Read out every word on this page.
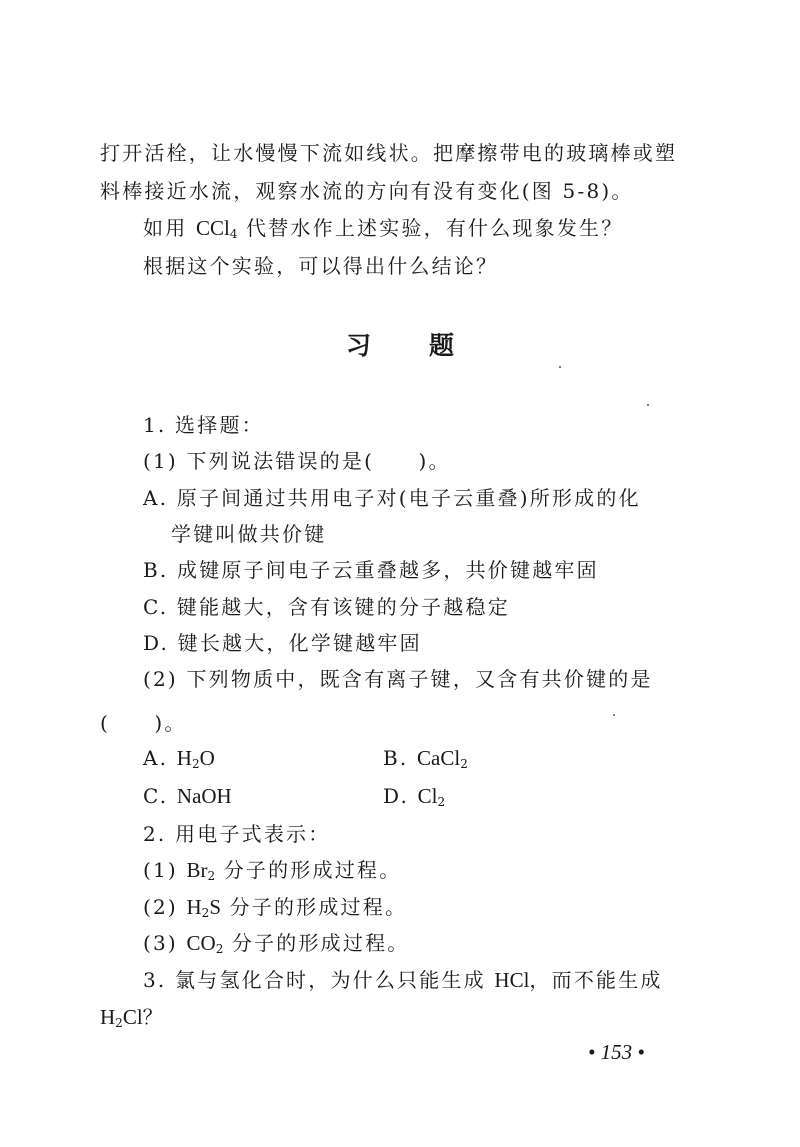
打开活栓，让水慢慢下流如线状。把摩擦带电的玻璃棒或塑
料棒接近水流，观察水流的方向有没有变化(图 5-8)。
如用 CCl$_4$ 代替水作上述实验，有什么现象发生？
根据这个实验，可以得出什么结论？
习 题
1. 选择题：
(1) 下列说法错误的是(　　)。
A. 原子间通过共用电子对(电子云重叠)所形成的化
学键叫做共价键
B. 成键原子间电子云重叠越多，共价键越牢固
C. 键能越大，含有该键的分子越稳定
D. 键长越大，化学键越牢固
(2) 下列物质中，既含有离子键，又含有共价键的是
(　　)。
A. $H_2O$	B. CaCl$_2$
C. NaOH	D. $Cl_2$
2. 用电子式表示：
(1) $Br_2$ 分子的形成过程。
(2) $H_2S$ 分子的形成过程。
(3) $CO_2$ 分子的形成过程。
3. 氯与氢化合时，为什么只能生成 HCl，而不能生成
$H_2Cl$？
• 153 •
